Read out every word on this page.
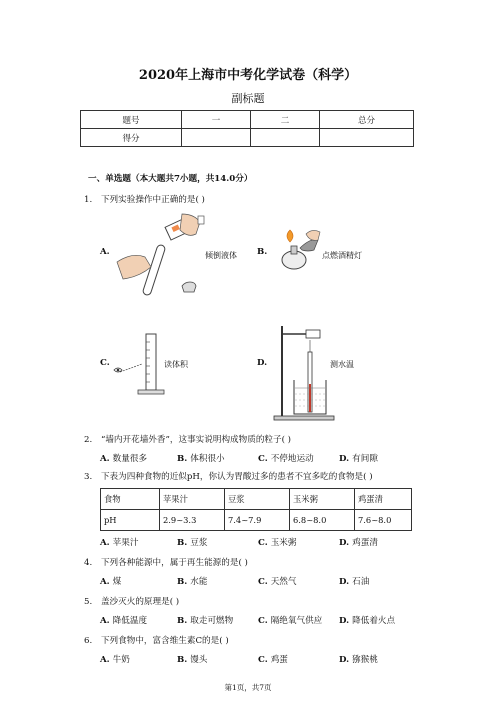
2020年上海市中考化学试卷（科学）
副标题
题号	一	二	总分
得分			
一、单选题（本大题共7小题，共14.0分）
1. 下列实验操作中正确的是( )
A.	倾倒液体 B.	点燃酒精灯
C.	读体积	D.	测水温
2. “墙内开花墙外香”，这事实说明构成物质的粒子( )
A. 数量很多	B. 体积很小	C. 不停地运动	D. 有间隙
3. 下表为四种食物的近似pH，你认为胃酸过多的患者不宜多吃的食物是( )
食物	苹果汁	豆浆	玉米粥	鸡蛋清
pH	2.9~3.3	7.4~7.9	6.8~8.0	7.6~8.0
A. 苹果汁	B. 豆浆	C. 玉米粥	D. 鸡蛋清
4. 下列各种能源中，属于再生能源的是( )
A. 煤	B. 水能	C. 天然气	D. 石油
5. 盖沙灭火的原理是( )
A. 降低温度	B. 取走可燃物	C. 隔绝氧气供应 D. 降低着火点
6. 下列食物中，富含维生素C的是( )
A. 牛奶	B. 馒头	C. 鸡蛋	D. 猕猴桃
第1页，共7页
